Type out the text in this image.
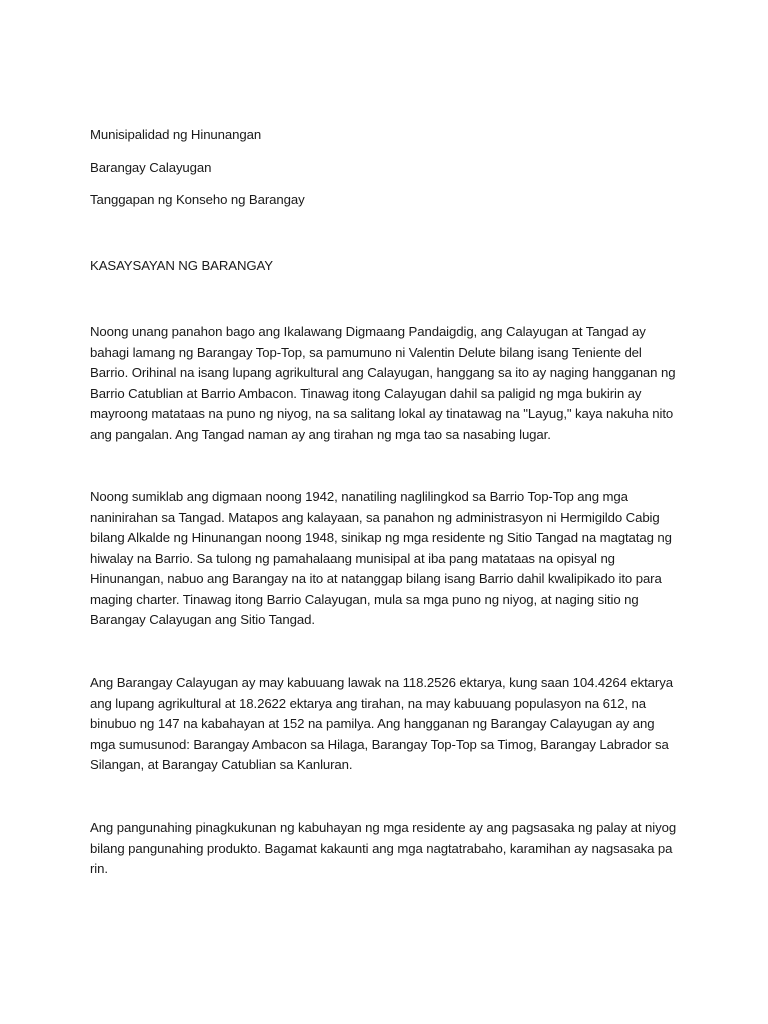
Munisipalidad ng Hinunangan

Barangay Calayugan

Tanggapan ng Konseho ng Barangay

KASAYSAYAN NG BARANGAY

Noong unang panahon bago ang Ikalawang Digmaang Pandaigdig, ang Calayugan at Tangad ay bahagi lamang ng Barangay Top-Top, sa pamumuno ni Valentin Delute bilang isang Teniente del Barrio. Orihinal na isang lupang agrikultural ang Calayugan, hanggang sa ito ay naging hangganan ng Barrio Catublian at Barrio Ambacon. Tinawag itong Calayugan dahil sa paligid ng mga bukirin ay mayroong matataas na puno ng niyog, na sa salitang lokal ay tinatawag na "Layug," kaya nakuha nito ang pangalan. Ang Tangad naman ay ang tirahan ng mga tao sa nasabing lugar.

Noong sumiklab ang digmaan noong 1942, nanatiling naglilingkod sa Barrio Top-Top ang mga naninirahan sa Tangad. Matapos ang kalayaan, sa panahon ng administrasyon ni Hermigildo Cabig bilang Alkalde ng Hinunangan noong 1948, sinikap ng mga residente ng Sitio Tangad na magtatag ng hiwalay na Barrio. Sa tulong ng pamahalaang munisipal at iba pang matataas na opisyal ng Hinunangan, nabuo ang Barangay na ito at natanggap bilang isang Barrio dahil kwalipikado ito para maging charter. Tinawag itong Barrio Calayugan, mula sa mga puno ng niyog, at naging sitio ng Barangay Calayugan ang Sitio Tangad.

Ang Barangay Calayugan ay may kabuuang lawak na 118.2526 ektarya, kung saan 104.4264 ektarya ang lupang agrikultural at 18.2622 ektarya ang tirahan, na may kabuuang populasyon na 612, na binubuo ng 147 na kabahayan at 152 na pamilya. Ang hangganan ng Barangay Calayugan ay ang mga sumusunod: Barangay Ambacon sa Hilaga, Barangay Top-Top sa Timog, Barangay Labrador sa Silangan, at Barangay Catublian sa Kanluran.

Ang pangunahing pinagkukunan ng kabuhayan ng mga residente ay ang pagsasaka ng palay at niyog bilang pangunahing produkto. Bagamat kakaunti ang mga nagtatrabaho, karamihan ay nagsasaka pa rin.
